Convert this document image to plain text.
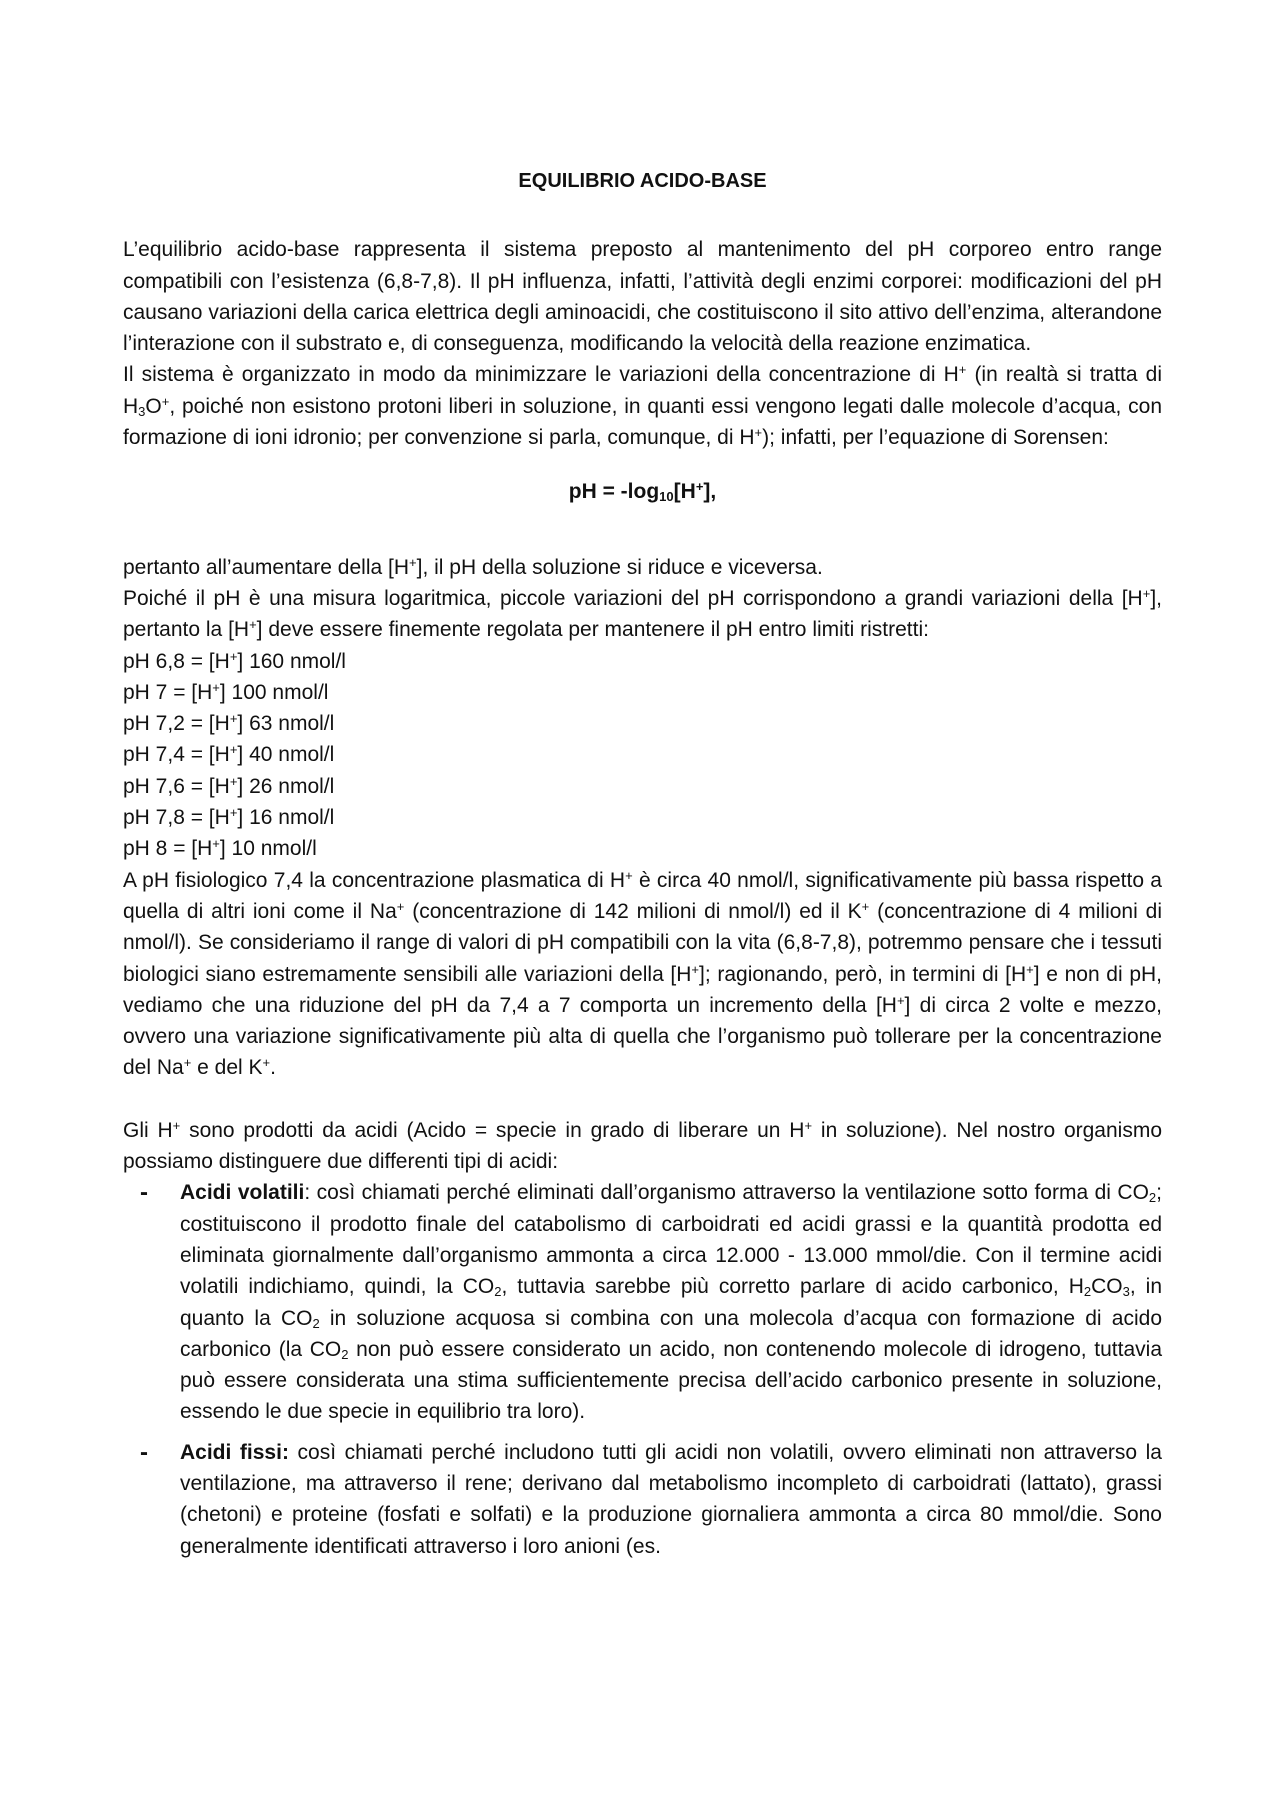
EQUILIBRIO ACIDO-BASE

L’equilibrio acido-base rappresenta il sistema preposto al mantenimento del pH corporeo entro range compatibili con l’esistenza (6,8-7,8). Il pH influenza, infatti, l’attività degli enzimi corporei: modificazioni del pH causano variazioni della carica elettrica degli aminoacidi, che costituiscono il sito attivo dell’enzima, alterandone l’interazione con il substrato e, di conseguenza, modificando la velocità della reazione enzimatica.

Il sistema è organizzato in modo da minimizzare le variazioni della concentrazione di H+ (in realtà si tratta di $H_3O^+$, poiché non esistono protoni liberi in soluzione, in quanti essi vengono legati dalle molecole d’acqua, con formazione di ioni idronio; per convenzione si parla, comunque, di H+); infatti, per l’equazione di Sorensen:

pH = $-\log_{10}[H^+]$,

pertanto all’aumentare della [H+], il pH della soluzione si riduce e viceversa.

Poiché il pH è una misura logaritmica, piccole variazioni del pH corrispondono a grandi variazioni della [H+], pertanto la [H+] deve essere finemente regolata per mantenere il pH entro limiti ristretti:

pH 6,8 = [H+] 160 nmol/l

pH 7 = [H+] 100 nmol/l

pH 7,2 = [H+] 63 nmol/l

pH 7,4 = [H+] 40 nmol/l

pH 7,6 = [H+] 26 nmol/l

pH 7,8 = [H+] 16 nmol/l

pH 8 = [H+] 10 nmol/l

A pH fisiologico 7,4 la concentrazione plasmatica di H+ è circa 40 nmol/l, significativamente più bassa rispetto a quella di altri ioni come il Na+ (concentrazione di 142 milioni di nmol/l) ed il K+ (concentrazione di 4 milioni di nmol/l). Se consideriamo il range di valori di pH compatibili con la vita (6,8-7,8), potremmo pensare che i tessuti biologici siano estremamente sensibili alle variazioni della [H+]; ragionando, però, in termini di [H+] e non di pH, vediamo che una riduzione del pH da 7,4 a 7 comporta un incremento della [H+] di circa 2 volte e mezzo, ovvero una variazione significativamente più alta di quella che l’organismo può tollerare per la concentrazione del Na+ e del K+.

Gli H+ sono prodotti da acidi (Acido = specie in grado di liberare un H+ in soluzione). Nel nostro organismo possiamo distinguere due differenti tipi di acidi:

- Acidi volatili: così chiamati perché eliminati dall’organismo attraverso la ventilazione sotto forma di $CO_2$; costituiscono il prodotto finale del catabolismo di carboidrati ed acidi grassi e la quantità prodotta ed eliminata giornalmente dall’organismo ammonta a circa 12.000 - 13.000 mmol/die. Con il termine acidi volatili indichiamo, quindi, la $CO_2$, tuttavia sarebbe più corretto parlare di acido carbonico, $H_2CO_3$, in quanto la $CO_2$ in soluzione acquosa si combina con una molecola d’acqua con formazione di acido carbonico (la $CO_2$ non può essere considerato un acido, non contenendo molecole di idrogeno, tuttavia può essere considerata una stima sufficientemente precisa dell’acido carbonico presente in soluzione, essendo le due specie in equilibrio tra loro).
- Acidi fissi: così chiamati perché includono tutti gli acidi non volatili, ovvero eliminati non attraverso la ventilazione, ma attraverso il rene; derivano dal metabolismo incompleto di carboidrati (lattato), grassi (chetoni) e proteine (fosfati e solfati) e la produzione giornaliera ammonta a circa 80 mmol/die. Sono generalmente identificati attraverso i loro anioni (es.
